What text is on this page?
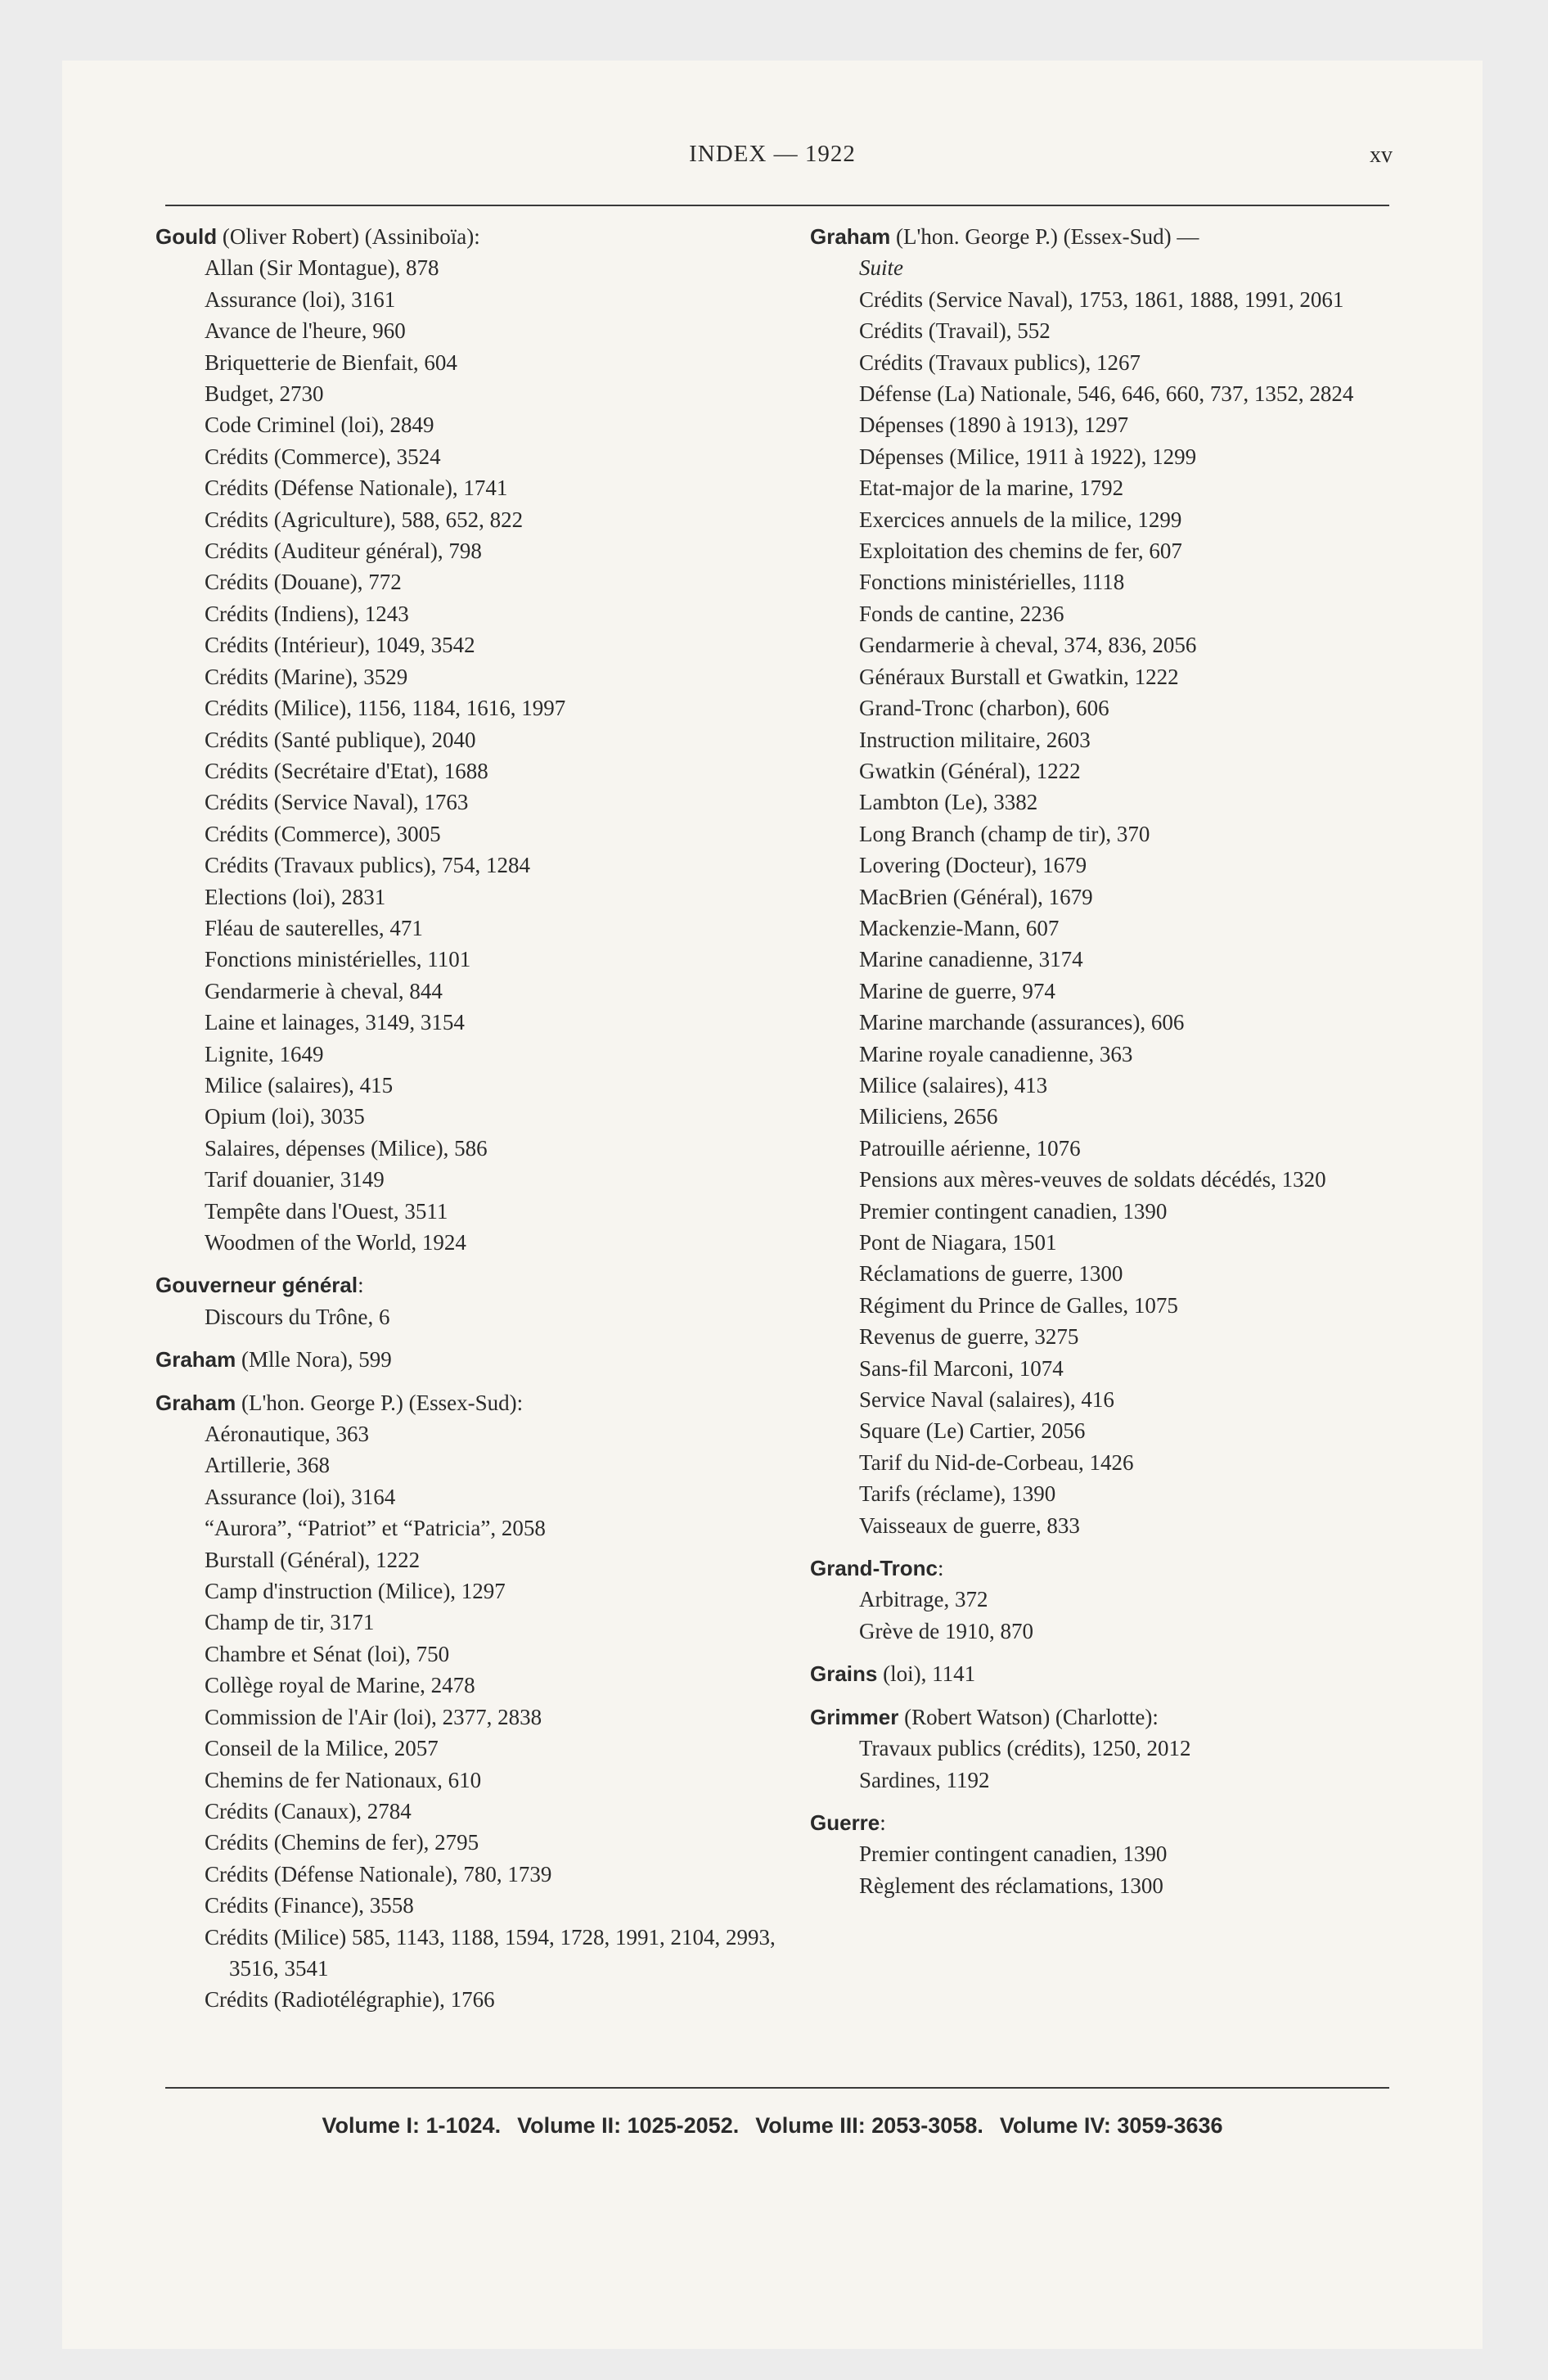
INDEX — 1922	xv
Gould (Oliver Robert) (Assiniboïa):
Allan (Sir Montague), 878
Assurance (loi), 3161
Avance de l'heure, 960
Briquetterie de Bienfait, 604
Budget, 2730
Code Criminel (loi), 2849
Crédits (Commerce), 3524
Crédits (Défense Nationale), 1741
Crédits (Agriculture), 588, 652, 822
Crédits (Auditeur général), 798
Crédits (Douane), 772
Crédits (Indiens), 1243
Crédits (Intérieur), 1049, 3542
Crédits (Marine), 3529
Crédits (Milice), 1156, 1184, 1616, 1997
Crédits (Santé publique), 2040
Crédits (Secrétaire d'Etat), 1688
Crédits (Service Naval), 1763
Crédits (Commerce), 3005
Crédits (Travaux publics), 754, 1284
Elections (loi), 2831
Fléau de sauterelles, 471
Fonctions ministérielles, 1101
Gendarmerie à cheval, 844
Laine et lainages, 3149, 3154
Lignite, 1649
Milice (salaires), 415
Opium (loi), 3035
Salaires, dépenses (Milice), 586
Tarif douanier, 3149
Tempête dans l'Ouest, 3511
Woodmen of the World, 1924
Gouverneur général:
Discours du Trône, 6
Graham (Mlle Nora), 599
Graham (L'hon. George P.) (Essex-Sud):
Aéronautique, 363
Artillerie, 368
Assurance (loi), 3164
“Aurora”, “Patriot” et “Patricia”, 2058
Burstall (Général), 1222
Camp d'instruction (Milice), 1297
Champ de tir, 3171
Chambre et Sénat (loi), 750
Collège royal de Marine, 2478
Commission de l'Air (loi), 2377, 2838
Conseil de la Milice, 2057
Chemins de fer Nationaux, 610
Crédits (Canaux), 2784
Crédits (Chemins de fer), 2795
Crédits (Défense Nationale), 780, 1739
Crédits (Finance), 3558
Crédits (Milice) 585, 1143, 1188, 1594, 1728, 1991, 2104, 2993, 3516, 3541
Crédits (Radiotélégraphie), 1766
Graham (L'hon. George P.) (Essex-Sud) —
Suite
Crédits (Service Naval), 1753, 1861, 1888, 1991, 2061
Crédits (Travail), 552
Crédits (Travaux publics), 1267
Défense (La) Nationale, 546, 646, 660, 737, 1352, 2824
Dépenses (1890 à 1913), 1297
Dépenses (Milice, 1911 à 1922), 1299
Etat-major de la marine, 1792
Exercices annuels de la milice, 1299
Exploitation des chemins de fer, 607
Fonctions ministérielles, 1118
Fonds de cantine, 2236
Gendarmerie à cheval, 374, 836, 2056
Généraux Burstall et Gwatkin, 1222
Grand-Tronc (charbon), 606
Instruction militaire, 2603
Gwatkin (Général), 1222
Lambton (Le), 3382
Long Branch (champ de tir), 370
Lovering (Docteur), 1679
MacBrien (Général), 1679
Mackenzie-Mann, 607
Marine canadienne, 3174
Marine de guerre, 974
Marine marchande (assurances), 606
Marine royale canadienne, 363
Milice (salaires), 413
Miliciens, 2656
Patrouille aérienne, 1076
Pensions aux mères-veuves de soldats décédés, 1320
Premier contingent canadien, 1390
Pont de Niagara, 1501
Réclamations de guerre, 1300
Régiment du Prince de Galles, 1075
Revenus de guerre, 3275
Sans-fil Marconi, 1074
Service Naval (salaires), 416
Square (Le) Cartier, 2056
Tarif du Nid-de-Corbeau, 1426
Tarifs (réclame), 1390
Vaisseaux de guerre, 833
Grand-Tronc:
Arbitrage, 372
Grève de 1910, 870
Grains (loi), 1141
Grimmer (Robert Watson) (Charlotte):
Travaux publics (crédits), 1250, 2012
Sardines, 1192
Guerre:
Premier contingent canadien, 1390
Règlement des réclamations, 1300
Volume I: 1-1024. Volume II: 1025-2052. Volume III: 2053-3058. Volume IV: 3059-3636
